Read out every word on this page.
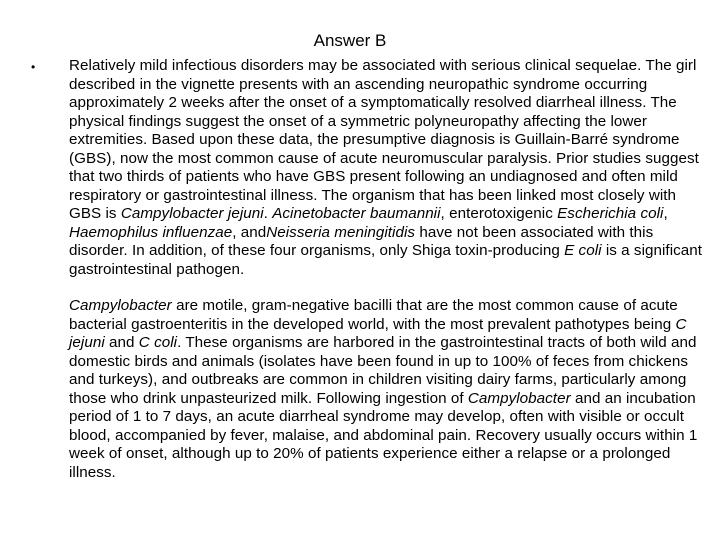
Answer B
• Relatively mild infectious disorders may be associated with serious clinical sequelae. The girl described in the vignette presents with an ascending neuropathic syndrome occurring approximately 2 weeks after the onset of a symptomatically resolved diarrheal illness. The physical findings suggest the onset of a symmetric polyneuropathy affecting the lower extremities. Based upon these data, the presumptive diagnosis is Guillain-Barré syndrome (GBS), now the most common cause of acute neuromuscular paralysis. Prior studies suggest that two thirds of patients who have GBS present following an undiagnosed and often mild respiratory or gastrointestinal illness. The organism that has been linked most closely with GBS is Campylobacter jejuni. Acinetobacter baumannii, enterotoxigenic Escherichia coli, Haemophilus influenzae, andNeisseria meningitidis have not been associated with this disorder. In addition, of these four organisms, only Shiga toxin-producing E coli is a significant gastrointestinal pathogen.

Campylobacter are motile, gram-negative bacilli that are the most common cause of acute bacterial gastroenteritis in the developed world, with the most prevalent pathotypes being C jejuni and C coli. These organisms are harbored in the gastrointestinal tracts of both wild and domestic birds and animals (isolates have been found in up to 100% of feces from chickens and turkeys), and outbreaks are common in children visiting dairy farms, particularly among those who drink unpasteurized milk. Following ingestion of Campylobacter and an incubation period of 1 to 7 days, an acute diarrheal syndrome may develop, often with visible or occult blood, accompanied by fever, malaise, and abdominal pain. Recovery usually occurs within 1 week of onset, although up to 20% of patients experience either a relapse or a prolonged illness.
